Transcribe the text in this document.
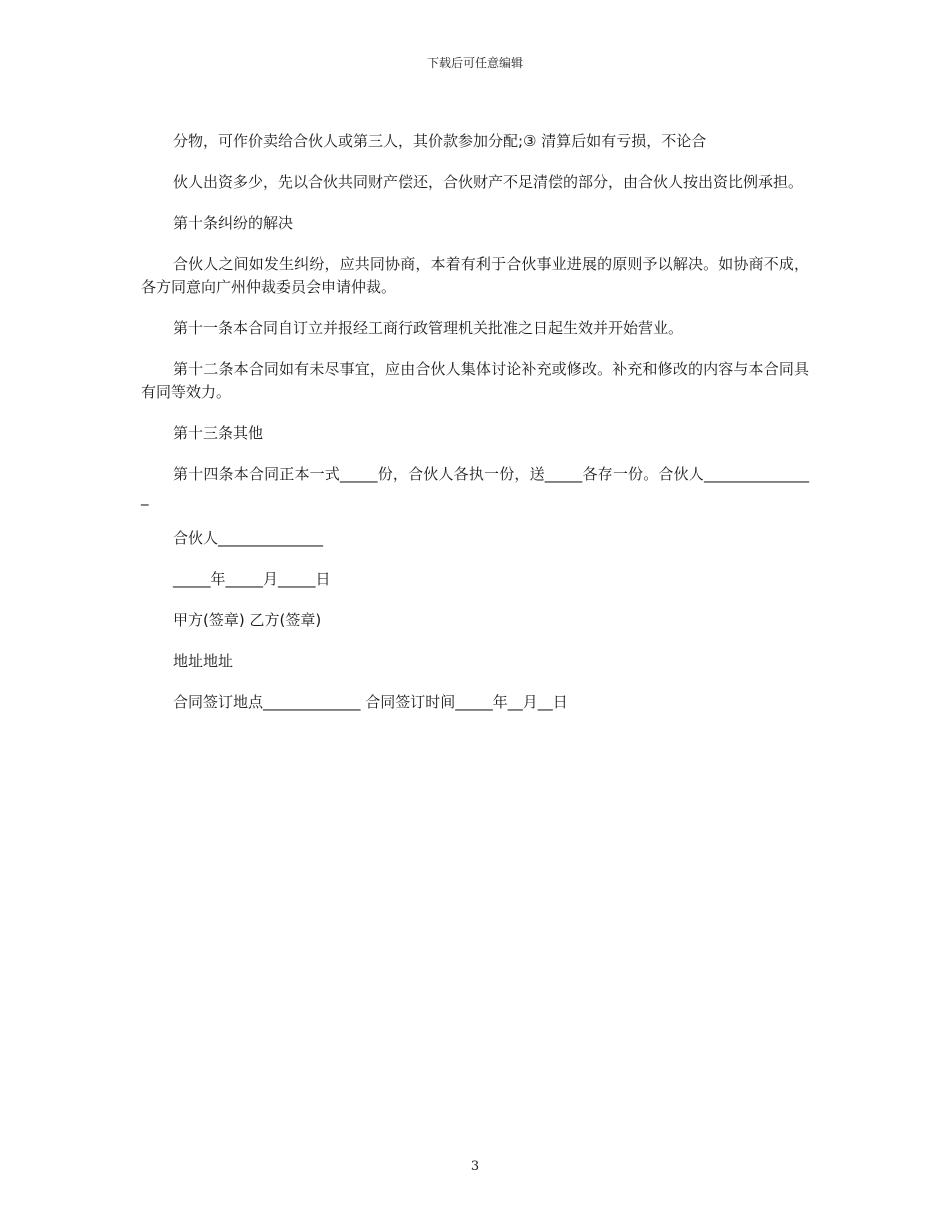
下载后可任意编辑

分物，可作价卖给合伙人或第三人，其价款参加分配;③ 清算后如有亏损，不论合

伙人出资多少，先以合伙共同财产偿还，合伙财产不足清偿的部分，由合伙人按出资比例承担。

第十条纠纷的解决

合伙人之间如发生纠纷，应共同协商，本着有利于合伙事业进展的原则予以解决。如协商不成，各方同意向广州仲裁委员会申请仲裁。

第十一条本合同自订立并报经工商行政管理机关批准之日起生效并开始营业。

第十二条本合同如有未尽事宜，应由合伙人集体讨论补充或修改。补充和修改的内容与本合同具有同等效力。

第十三条其他

第十四条本合同正本一式_____份，合伙人各执一份，送_____各存一份。合伙人_______________

合伙人______________

_____年_____月_____日

甲方(签章) 乙方(签章)

地址地址

合同签订地点_____________ 合同签订时间_____年__月__日

3
